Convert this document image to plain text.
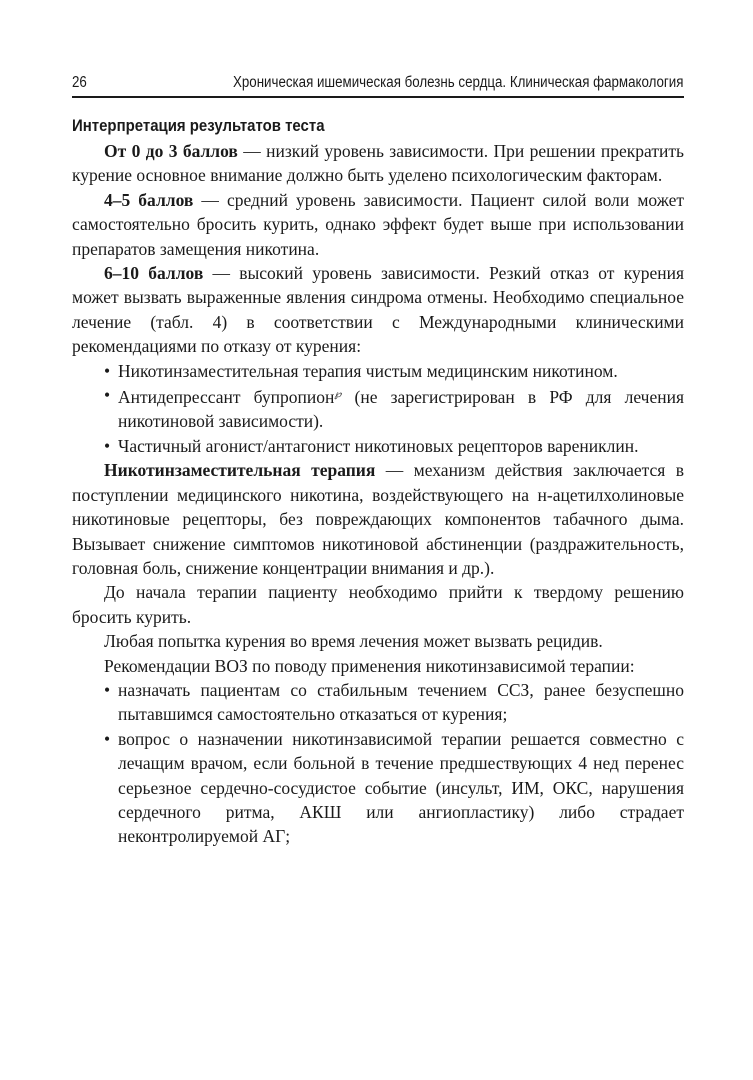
26	Хроническая ишемическая болезнь сердца. Клиническая фармакология
Интерпретация результатов теста

От 0 до 3 баллов — низкий уровень зависимости. При решении прекратить курение основное внимание должно быть уделено психологическим факторам.

4–5 баллов — средний уровень зависимости. Пациент силой воли может самостоятельно бросить курить, однако эффект будет выше при использовании препаратов замещения никотина.

6–10 баллов — высокий уровень зависимости. Резкий отказ от курения может вызвать выраженные явления синдрома отмены. Необходимо специальное лечение (табл. 4) в соответствии с Международными клиническими рекомендациями по отказу от курения:

• Никотинзаместительная терапия чистым медицинским никотином.
• Антидепрессант бупропион℘ (не зарегистрирован в РФ для лечения никотиновой зависимости).
• Частичный агонист/антагонист никотиновых рецепторов варениклин.

Никотинзаместительная терапия — механизм действия заключается в поступлении медицинского никотина, воздействующего на н-ацетилхолиновые никотиновые рецепторы, без повреждающих компонентов табачного дыма. Вызывает снижение симптомов никотиновой абстиненции (раздражительность, головная боль, снижение концентрации внимания и др.).

До начала терапии пациенту необходимо прийти к твердому решению бросить курить.

Любая попытка курения во время лечения может вызвать рецидив.

Рекомендации ВОЗ по поводу применения никотинзависимой терапии:

• назначать пациентам со стабильным течением ССЗ, ранее безуспешно пытавшимся самостоятельно отказаться от курения;
• вопрос о назначении никотинзависимой терапии решается совместно с лечащим врачом, если больной в течение предшествующих 4 нед перенес серьезное сердечно-сосудистое событие (инсульт, ИМ, ОКС, нарушения сердечного ритма, АКШ или ангиопластику) либо страдает неконтролируемой АГ;
